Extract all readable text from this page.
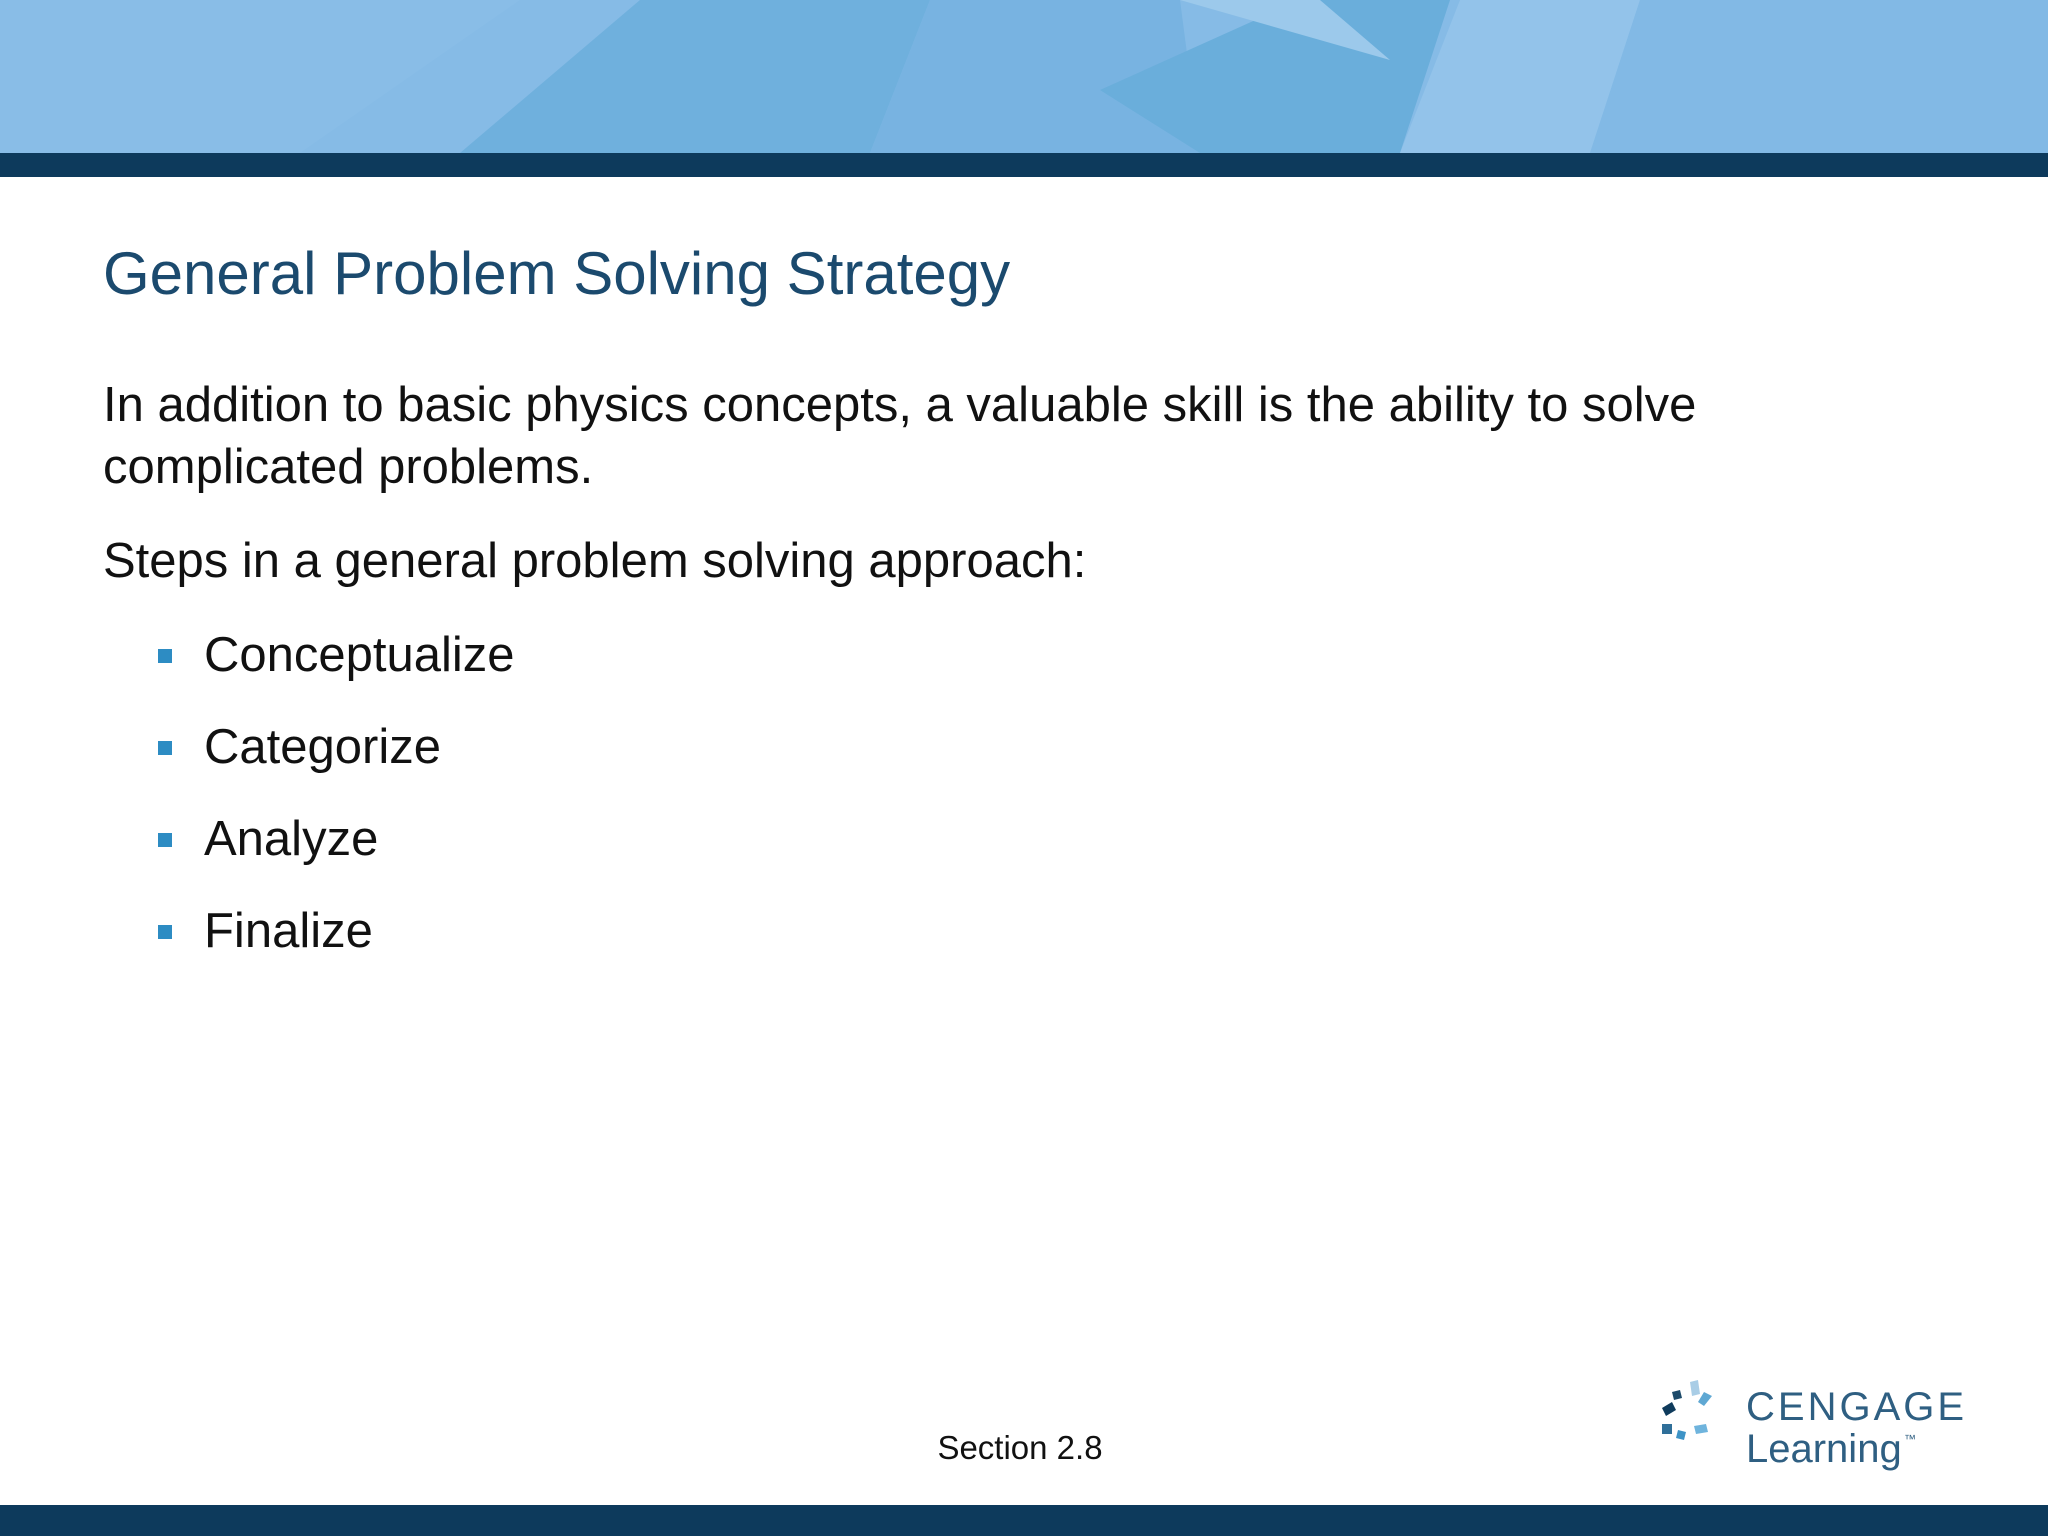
General Problem Solving Strategy

In addition to basic physics concepts, a valuable skill is the ability to solve complicated problems.

Steps in a general problem solving approach:

Conceptualize
Categorize
Analyze
Finalize
Section 2.8
CENGAGE
Learning ™
